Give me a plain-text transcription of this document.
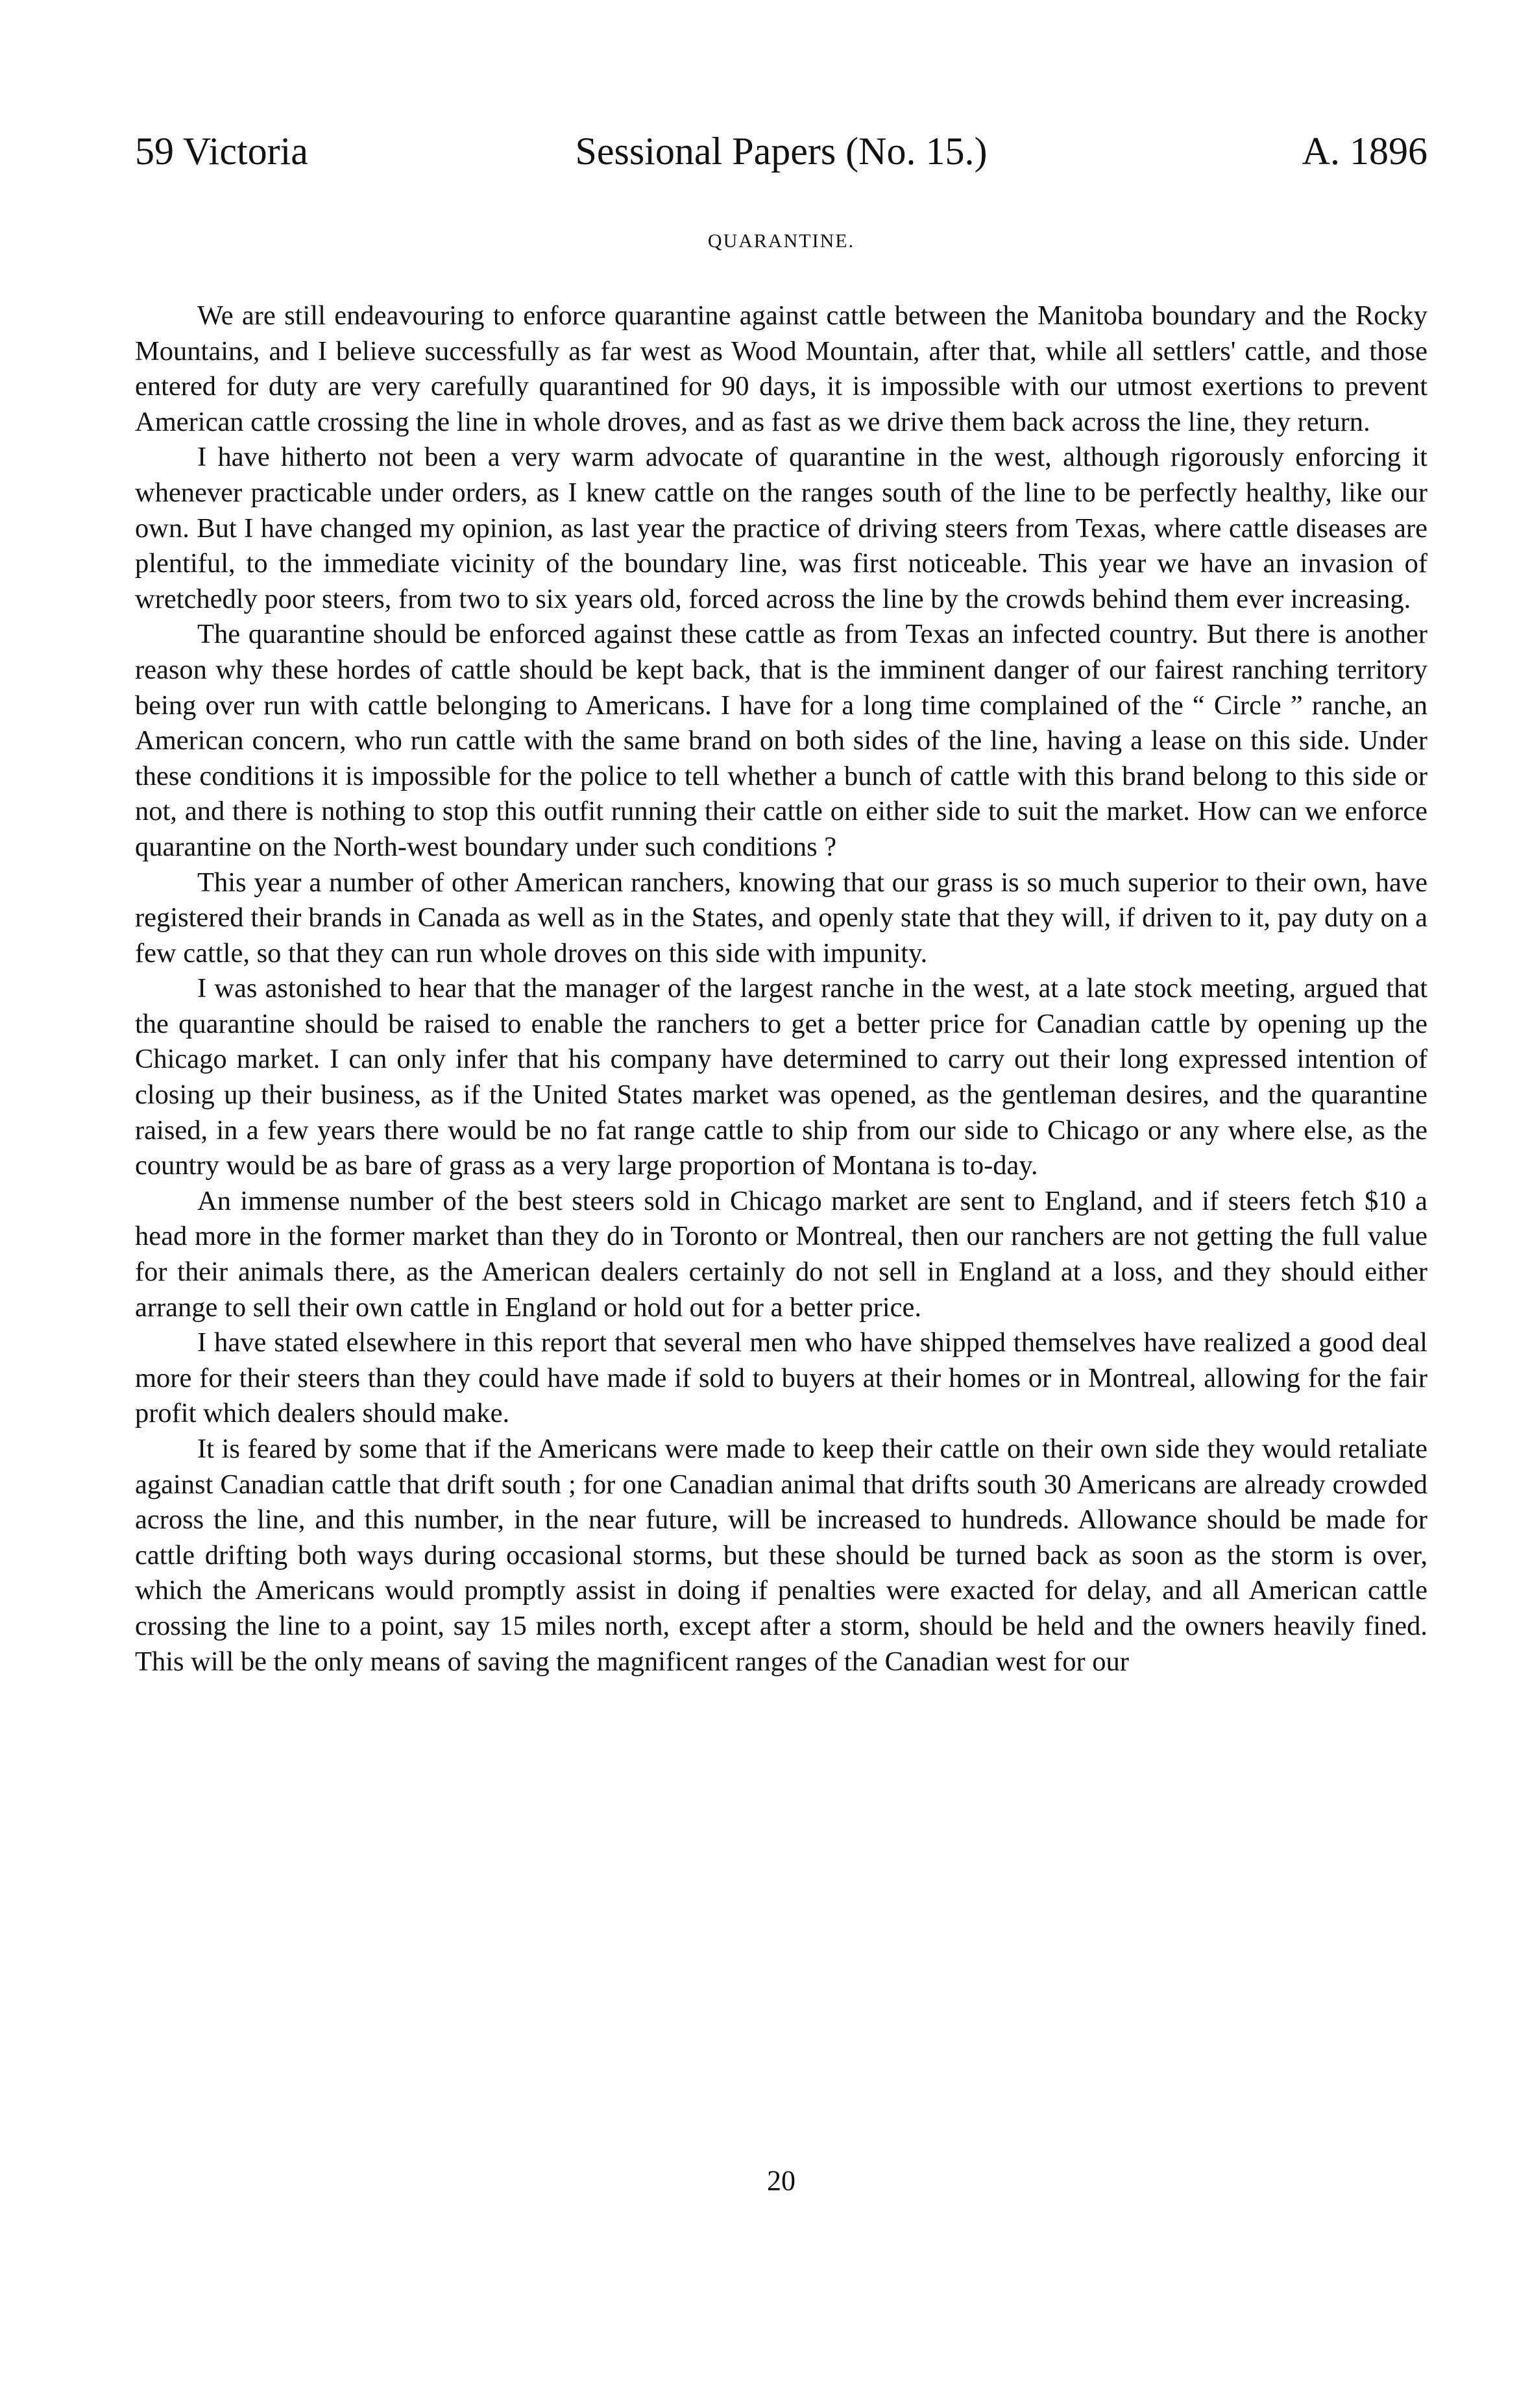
59 Victoria	Sessional Papers (No. 15.)	A. 1896
QUARANTINE.

We are still endeavouring to enforce quarantine against cattle between the Manitoba boundary and the Rocky Mountains, and I believe successfully as far west as Wood Mountain, after that, while all settlers' cattle, and those entered for duty are very carefully quarantined for 90 days, it is impossible with our utmost exertions to prevent American cattle crossing the line in whole droves, and as fast as we drive them back across the line, they return.

I have hitherto not been a very warm advocate of quarantine in the west, although rigorously enforcing it whenever practicable under orders, as I knew cattle on the ranges south of the line to be perfectly healthy, like our own. But I have changed my opinion, as last year the practice of driving steers from Texas, where cattle diseases are plentiful, to the immediate vicinity of the boundary line, was first noticeable. This year we have an invasion of wretchedly poor steers, from two to six years old, forced across the line by the crowds behind them ever increasing.

The quarantine should be enforced against these cattle as from Texas an infected country. But there is another reason why these hordes of cattle should be kept back, that is the imminent danger of our fairest ranching territory being over run with cattle belonging to Americans. I have for a long time complained of the “ Circle ” ranche, an American concern, who run cattle with the same brand on both sides of the line, having a lease on this side. Under these conditions it is impossible for the police to tell whether a bunch of cattle with this brand belong to this side or not, and there is nothing to stop this outfit running their cattle on either side to suit the market. How can we enforce quarantine on the North-west boundary under such conditions ?

This year a number of other American ranchers, knowing that our grass is so much superior to their own, have registered their brands in Canada as well as in the States, and openly state that they will, if driven to it, pay duty on a few cattle, so that they can run whole droves on this side with impunity.

I was astonished to hear that the manager of the largest ranche in the west, at a late stock meeting, argued that the quarantine should be raised to enable the ranchers to get a better price for Canadian cattle by opening up the Chicago market. I can only infer that his company have determined to carry out their long expressed intention of closing up their business, as if the United States market was opened, as the gentleman desires, and the quarantine raised, in a few years there would be no fat range cattle to ship from our side to Chicago or any where else, as the country would be as bare of grass as a very large proportion of Montana is to-day.

An immense number of the best steers sold in Chicago market are sent to England, and if steers fetch $10 a head more in the former market than they do in Toronto or Montreal, then our ranchers are not getting the full value for their animals there, as the American dealers certainly do not sell in England at a loss, and they should either arrange to sell their own cattle in England or hold out for a better price.

I have stated elsewhere in this report that several men who have shipped themselves have realized a good deal more for their steers than they could have made if sold to buyers at their homes or in Montreal, allowing for the fair profit which dealers should make.

It is feared by some that if the Americans were made to keep their cattle on their own side they would retaliate against Canadian cattle that drift south ; for one Canadian animal that drifts south 30 Americans are already crowded across the line, and this number, in the near future, will be increased to hundreds. Allowance should be made for cattle drifting both ways during occasional storms, but these should be turned back as soon as the storm is over, which the Americans would promptly assist in doing if penalties were exacted for delay, and all American cattle crossing the line to a point, say 15 miles north, except after a storm, should be held and the owners heavily fined. This will be the only means of saving the magnificent ranges of the Canadian west for our

20
